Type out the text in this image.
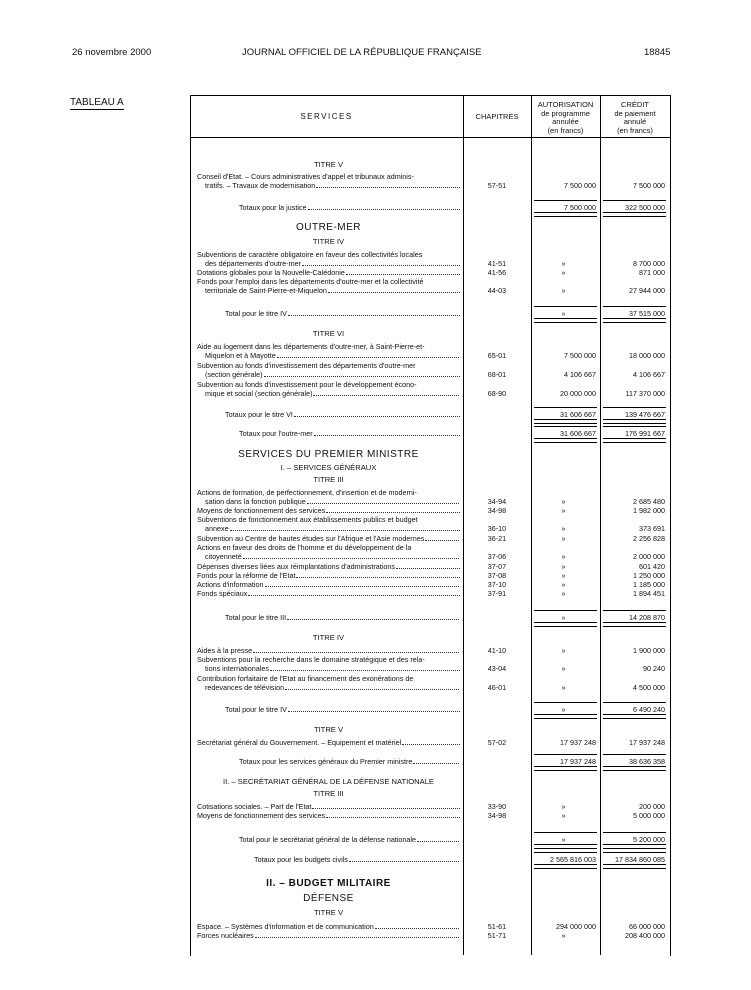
26 novembre 2000	JOURNAL OFFICIEL DE LA RÉPUBLIQUE FRANÇAISE	18845
TABLEAU A
SERVICES	CHAPITRES
AUTORISATION
de programme
annulée
(en francs)
CRÉDIT
de paiement
annulé
(en francs)
TITRE V
Conseil d'Etat. – Cours administratives d'appel et tribunaux adminis-
tratifs. – Travaux de modernisation	57-51	7 500 000	7 500 000
Totaux pour la justice	7 500 000	322 500 000
OUTRE-MER
TITRE IV
Subventions de caractère obligatoire en faveur des collectivités locales
des départements d'outre-mer	41-51	»	8 700 000
Dotations globales pour la Nouvelle-Calédonie	41-56	»	871 000
Fonds pour l'emploi dans les départements d'outre-mer et la collectivité
territoriale de Saint-Pierre-et-Miquelon	44-03	»	27 944 000
Total pour le titre IV	»	37 515 000
TITRE VI
Aide au logement dans les départements d'outre-mer, à Saint-Pierre-et-
Miquelon et à Mayotte	65-01	7 500 000	18 000 000
Subvention au fonds d'investissement des départements d'outre-mer
(section générale)	68-01	4 106 667	4 106 667
Subvention au fonds d'investissement pour le développement écono-
mique et social (section générale)	68-90	20 000 000	117 370 000
Totaux pour le titre VI	31 606 667	139 476 667
Totaux pour l'outre-mer	31 606 667	176 991 667
SERVICES DU PREMIER MINISTRE
I. – SERVICES GÉNÉRAUX
TITRE III
Actions de formation, de perfectionnement, d'insertion et de moderni-
sation dans la fonction publique	34-94	»	2 685 480
Moyens de fonctionnement des services	34-98	»	1 982 000
Subventions de fonctionnement aux établissements publics et budget
annexe	36-10	»	373 691
Subvention au Centre de hautes études sur l'Afrique et l'Asie modernes	36-21	»	2 256 828
Actions en faveur des droits de l'homme et du développement de la
citoyenneté	37-06	»	2 000 000
Dépenses diverses liées aux réimplantations d'administrations	37-07	»	601 420
Fonds pour la réforme de l'Etat	37-08	»	1 250 000
Actions d'information	37-10	»	1 185 000
Fonds spéciaux	37-91	»	1 894 451
Total pour le titre III	»	14 208 870
TITRE IV
Aides à la presse	41-10	»	1 900 000
Subventions pour la recherche dans le domaine stratégique et des rela-
tions internationales	43-04	»	90 240
Contribution forfaitaire de l'Etat au financement des exonérations de
redevances de télévision	46-01	»	4 500 000
Total pour le titre IV	»	6 490 240
TITRE V
Secrétariat général du Gouvernement. – Equipement et matériel	57-02	17 937 248	17 937 248
Totaux pour les services généraux du Premier ministre	17 937 248	38 636 358
II. – SECRÉTARIAT GÉNÉRAL DE LA DÉFENSE NATIONALE
TITRE III
Cotisations sociales. – Part de l'Etat	33-90	»	200 000
Moyens de fonctionnement des services	34-98	»	5 000 000
Total pour le secrétariat général de la défense nationale	»	5 200 000
Totaux pour les budgets civils	2 565 816 003	17 834 860 085
II. – BUDGET MILITAIRE
DÉFENSE
TITRE V
Espace. – Systèmes d'information et de communication	51-61	294 000 000	66 000 000
Forces nucléaires	51-71	»	208 400 000
